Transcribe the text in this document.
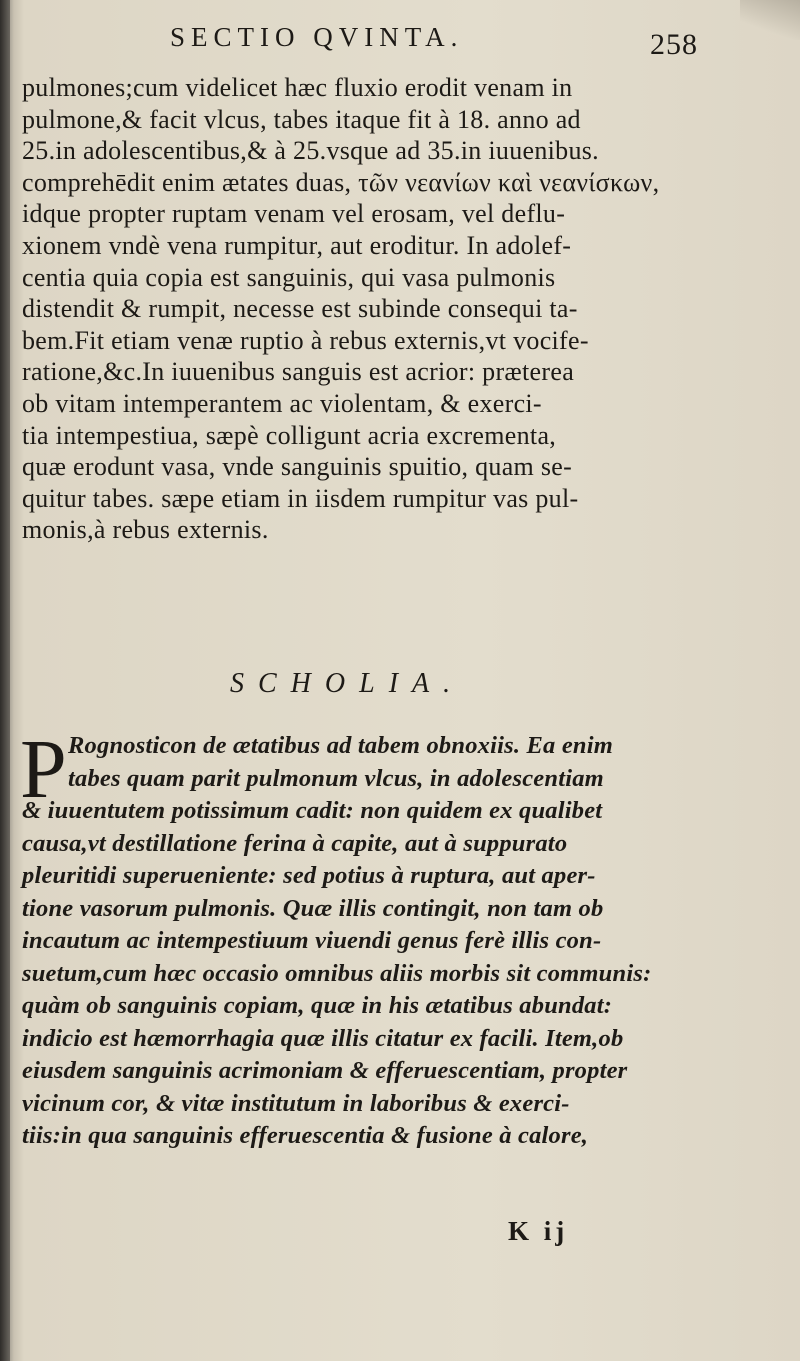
SECTIO QVINTA.	258
pulmones;cum videlicet hæc fluxio erodit venam in
pulmone,& facit vlcus, tabes itaque fit à 18. anno ad
25.in adolescentibus,& à 25.vsque ad 35.in iuuenibus.
comprehēdit enim ætates duas, τῶν νεανίων καὶ νεανίσκων,
idque propter ruptam venam vel erosam, vel deflu-
xionem vndè vena rumpitur, aut eroditur. In adolef-
centia quia copia est sanguinis, qui vasa pulmonis
distendit & rumpit, necesse est subinde consequi ta-
bem.Fit etiam venæ ruptio à rebus externis,vt vocife-
ratione,&c.In iuuenibus sanguis est acrior: præterea
ob vitam intemperantem ac violentam, & exerci-
tia intempestiua, sæpè colligunt acria excrementa,
quæ erodunt vasa, vnde sanguinis spuitio, quam se-
quitur tabes. sæpe etiam in iisdem rumpitur vas pul-
monis,à rebus externis.
SCHOLIA.
P Rognosticon de ætatibus ad tabem obnoxiis. Ea enim
tabes quam parit pulmonum vlcus, in adolescentiam
& iuuentutem potissimum cadit: non quidem ex qualibet
causa,vt destillatione ferina à capite, aut à suppurato
pleuritidi superueniente: sed potius à ruptura, aut aper-
tione vasorum pulmonis. Quæ illis contingit, non tam ob
incautum ac intempestiuum viuendi genus ferè illis con-
suetum,cum hæc occasio omnibus aliis morbis sit communis:
quàm ob sanguinis copiam, quæ in his ætatibus abundat:
indicio est hæmorrhagia quæ illis citatur ex facili. Item,ob
eiusdem sanguinis acrimoniam & efferuescentiam, propter
vicinum cor, & vitæ institutum in laboribus & exerci-
tiis:in qua sanguinis efferuescentia & fusione à calore,
K ij
